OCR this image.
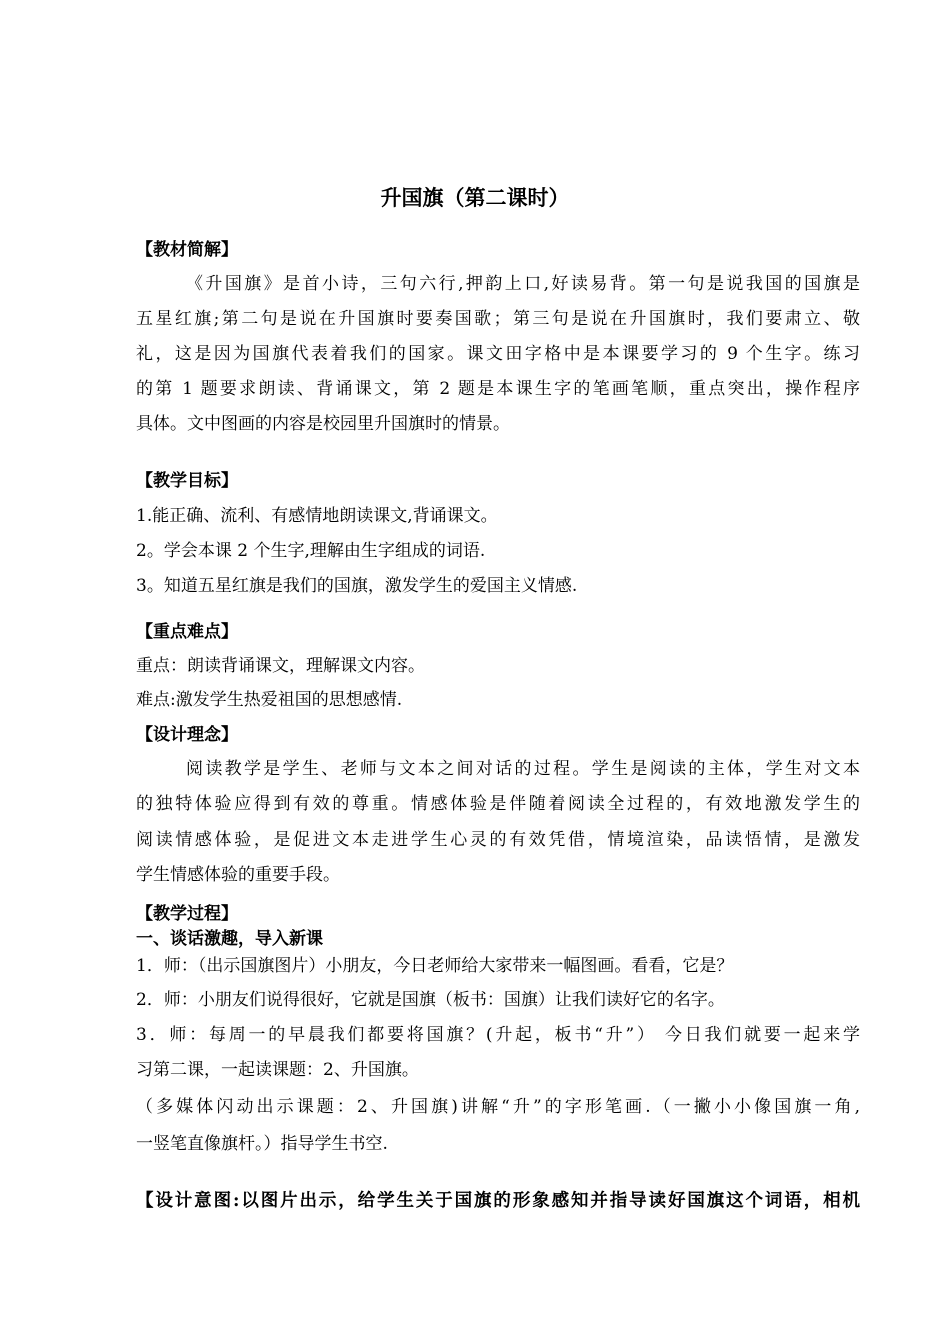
升国旗（第二课时）
【教材简解】
《升国旗》是首小诗，三句六行,押韵上口,好读易背。第一句是说我国的国旗是
五星红旗;第二句是说在升国旗时要奏国歌；第三句是说在升国旗时，我们要肃立、敬
礼，这是因为国旗代表着我们的国家。课文田字格中是本课要学习的 9 个生字。练习
的第 1 题要求朗读、背诵课文，第 2 题是本课生字的笔画笔顺，重点突出，操作程序
具体。文中图画的内容是校园里升国旗时的情景。
【教学目标】
1.能正确、流利、有感情地朗读课文,背诵课文。
2。学会本课 2 个生字,理解由生字组成的词语.
3。知道五星红旗是我们的国旗，激发学生的爱国主义情感.
【重点难点】
重点：朗读背诵课文，理解课文内容。
难点:激发学生热爱祖国的思想感情.
【设计理念】
阅读教学是学生、老师与文本之间对话的过程。学生是阅读的主体，学生对文本
的独特体验应得到有效的尊重。情感体验是伴随着阅读全过程的，有效地激发学生的
阅读情感体验，是促进文本走进学生心灵的有效凭借，情境渲染，品读悟情，是激发
学生情感体验的重要手段。
【教学过程】
一、谈话激趣，导入新课
1．师：（出示国旗图片）小朋友，今日老师给大家带来一幅图画。看看，它是？
2．师：小朋友们说得很好，它就是国旗（板书：国旗）让我们读好它的名字。
3．师：每周一的早晨我们都要将国旗？(升起，板书“升”） 今日我们就要一起来学
习第二课，一起读课题：2、升国旗。
（多媒体闪动出示课题：2、升国旗)讲解“升”的字形笔画.（一撇小小像国旗一角,
一竖笔直像旗杆。）指导学生书空.
【设计意图:以图片出示，给学生关于国旗的形象感知并指导读好国旗这个词语，相机
